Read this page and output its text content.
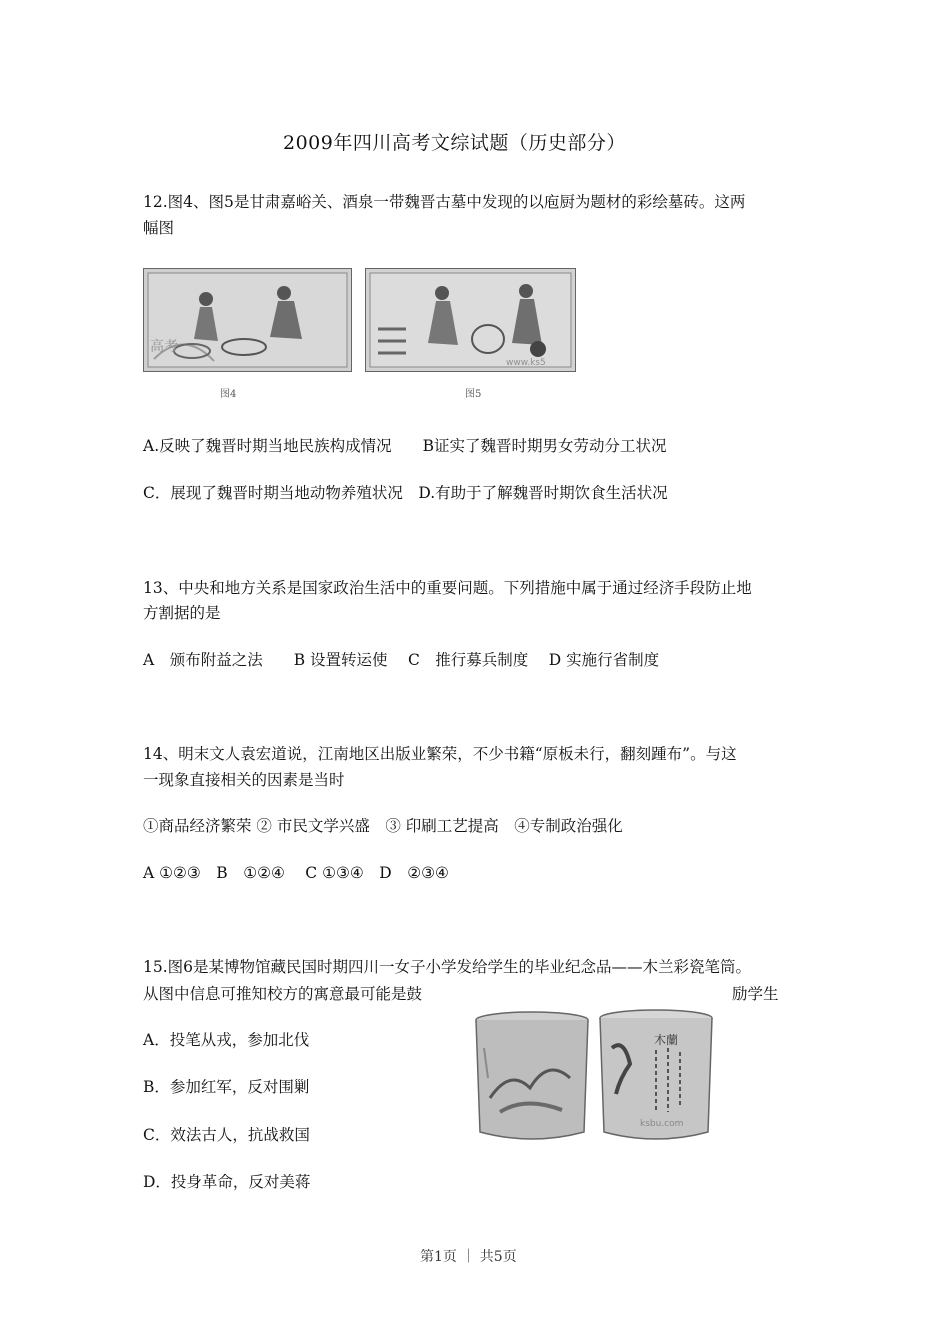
2009年四川高考文综试题（历史部分）
12.图4、图5是甘肃嘉峪关、酒泉一带魏晋古墓中发现的以庖厨为题材的彩绘墓砖。这两
幅图
高考
图4
www.ks5
图5
A.反映了魏晋时期当地民族构成情况　　B证实了魏晋时期男女劳动分工状况
C．展现了魏晋时期当地动物养殖状况　D.有助于了解魏晋时期饮食生活状况
13、中央和地方关系是国家政治生活中的重要问题。下列措施中属于通过经济手段防止地
方割据的是
A　颁布附益之法　　B 设置转运使　 C　推行募兵制度　 D 实施行省制度
14、明末文人袁宏道说，江南地区出版业繁荣，不少书籍“原板未行，翻刻踵布”。与这
一现象直接相关的因素是当时
①商品经济繁荣 ② 市民文学兴盛　③ 印刷工艺提高　④专制政治强化
A ①②③　B　①②④　 C ①③④　D　②③④
15.图6是某博物馆藏民国时期四川一女子小学发给学生的毕业纪念品——木兰彩瓷笔筒。
从图中信息可推知校方的寓意最可能是鼓	励学生
A．投笔从戎，参加北伐
B．参加红军，反对围剿
C．效法古人，抗战救国
D．投身革命，反对美蒋
木蘭
ksbu.com
第1页 ｜ 共5页
